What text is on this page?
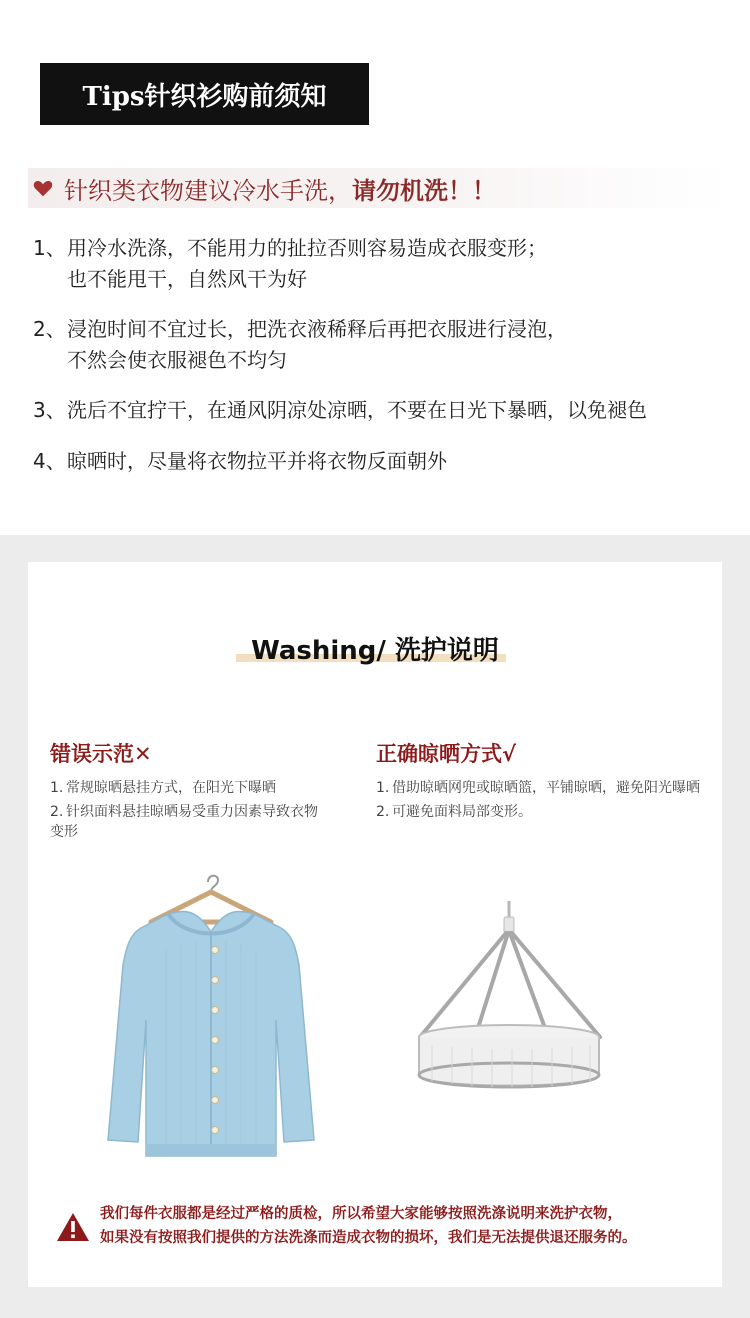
Tips针织衫购前须知
针织类衣物建议冷水手洗，请勿机洗！！
1、用冷水洗涤，不能用力的扯拉否则容易造成衣服变形；
也不能甩干，自然风干为好
2、浸泡时间不宜过长，把洗衣液稀释后再把衣服进行浸泡，
不然会使衣服褪色不均匀
3、洗后不宜拧干，在通风阴凉处凉晒，不要在日光下暴晒，以免褪色
4、晾晒时，尽量将衣物拉平并将衣物反面朝外
Washing/ 洗护说明
错误示范✕
1. 常规晾晒悬挂方式，在阳光下曝晒
2. 针织面料悬挂晾晒易受重力因素导致衣物变形
正确晾晒方式√
1. 借助晾晒网兜或晾晒篮，平铺晾晒，避免阳光曝晒
2. 可避免面料局部变形。
我们每件衣服都是经过严格的质检，所以希望大家能够按照洗涤说明来洗护衣物，
如果没有按照我们提供的方法洗涤而造成衣物的损坏，我们是无法提供退还服务的。
